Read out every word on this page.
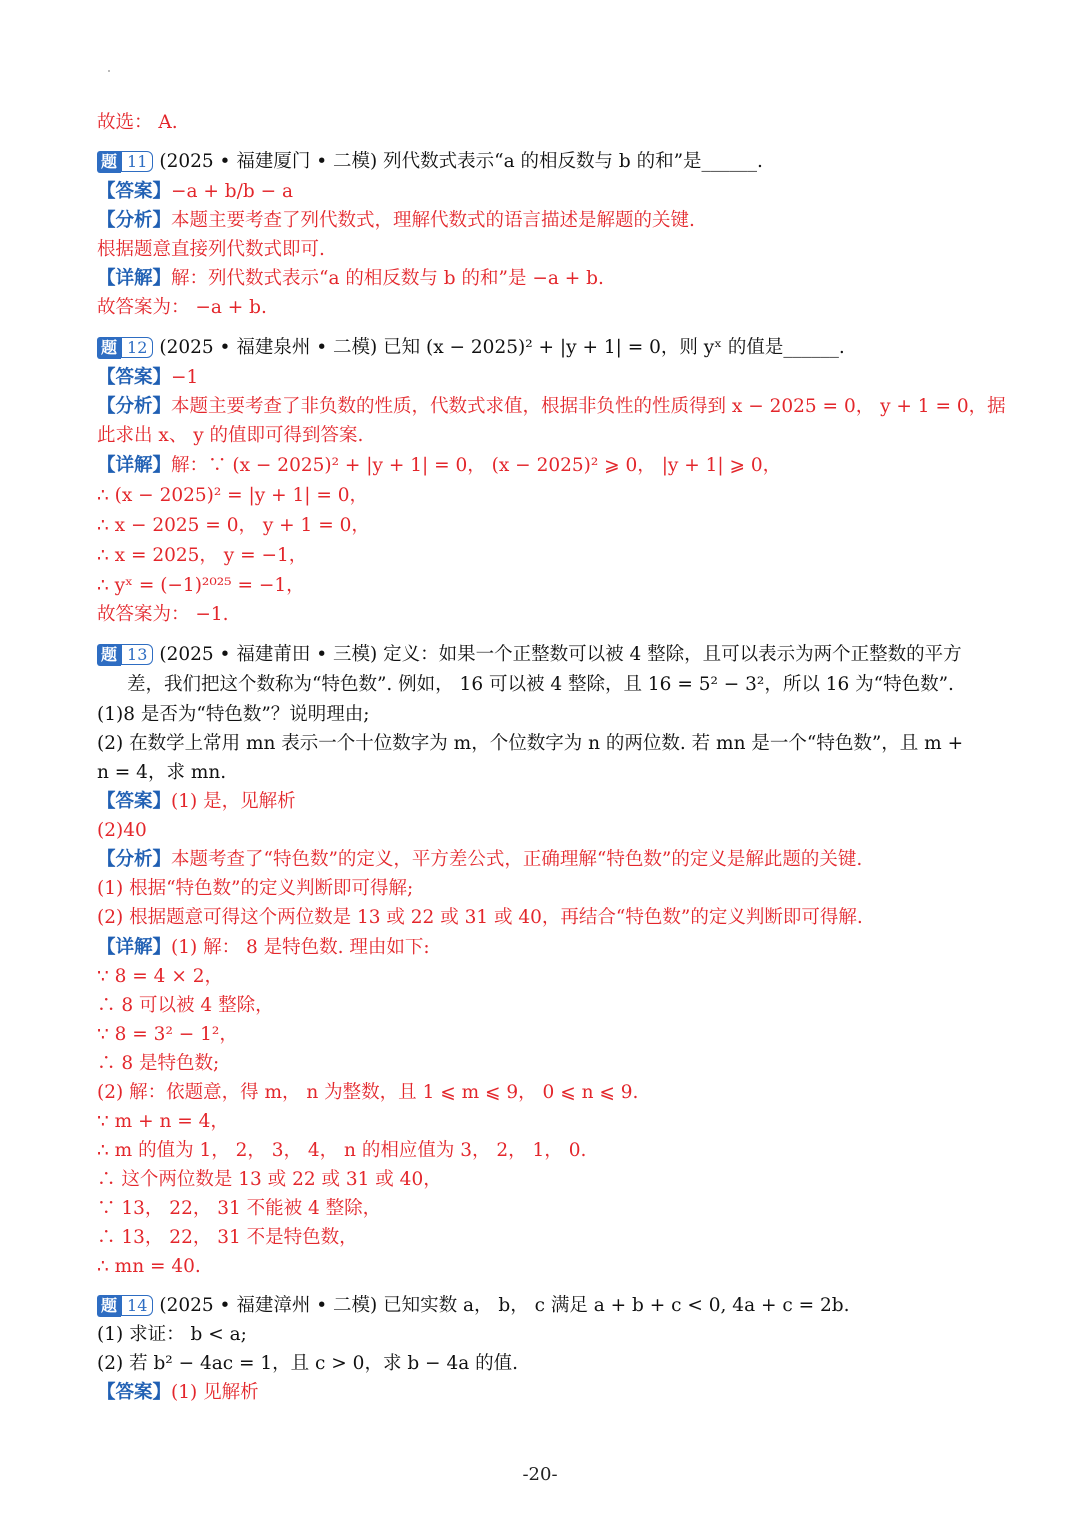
故选： A.
题 11 (2025 • 福建厦门 • 二模) 列代数式表示“a 的相反数与 b 的和”是______.
【答案】−a + b/b − a
【分析】本题主要考查了列代数式，理解代数式的语言描述是解题的关键.
根据题意直接列代数式即可.
【详解】解：列代数式表示“a 的相反数与 b 的和”是 −a + b.
故答案为： −a + b.
题 12 (2025 • 福建泉州 • 二模) 已知 (x − 2025)² + |y + 1| = 0，则 yˣ 的值是______.
【答案】−1
【分析】本题主要考查了非负数的性质，代数式求值，根据非负性的性质得到 x − 2025 = 0， y + 1 = 0，据
此求出 x、 y 的值即可得到答案.
【详解】解：∵ (x − 2025)² + |y + 1| = 0， (x − 2025)² ⩾ 0， |y + 1| ⩾ 0，
∴ (x − 2025)² = |y + 1| = 0，
∴ x − 2025 = 0， y + 1 = 0，
∴ x = 2025， y = −1，
∴ yˣ = (−1)²⁰²⁵ = −1，
故答案为： −1.
题 13 (2025 • 福建莆田 • 三模) 定义：如果一个正整数可以被 4 整除，且可以表示为两个正整数的平方
差，我们把这个数称为“特色数”. 例如， 16 可以被 4 整除，且 16 = 5² − 3²，所以 16 为“特色数”.
(1)8 是否为“特色数”？说明理由;
(2) 在数学上常用 mn 表示一个十位数字为 m，个位数字为 n 的两位数. 若 mn 是一个“特色数”，且 m +
n = 4，求 mn.
【答案】(1) 是，见解析
(2)40
【分析】本题考查了“特色数”的定义，平方差公式，正确理解“特色数”的定义是解此题的关键.
(1) 根据“特色数”的定义判断即可得解;
(2) 根据题意可得这个两位数是 13 或 22 或 31 或 40，再结合“特色数”的定义判断即可得解.
【详解】(1) 解： 8 是特色数. 理由如下:
∵ 8 = 4 × 2，
∴ 8 可以被 4 整除，
∵ 8 = 3² − 1²，
∴ 8 是特色数;
(2) 解：依题意，得 m， n 为整数，且 1 ⩽ m ⩽ 9， 0 ⩽ n ⩽ 9.
∵ m + n = 4，
∴ m 的值为 1， 2， 3， 4， n 的相应值为 3， 2， 1， 0.
∴ 这个两位数是 13 或 22 或 31 或 40，
∵ 13， 22， 31 不能被 4 整除，
∴ 13， 22， 31 不是特色数，
∴ mn = 40.
题 14 (2025 • 福建漳州 • 二模) 已知实数 a， b， c 满足 a + b + c < 0, 4a + c = 2b.
(1) 求证： b < a;
(2) 若 b² − 4ac = 1，且 c > 0，求 b − 4a 的值.
【答案】(1) 见解析
-20-
